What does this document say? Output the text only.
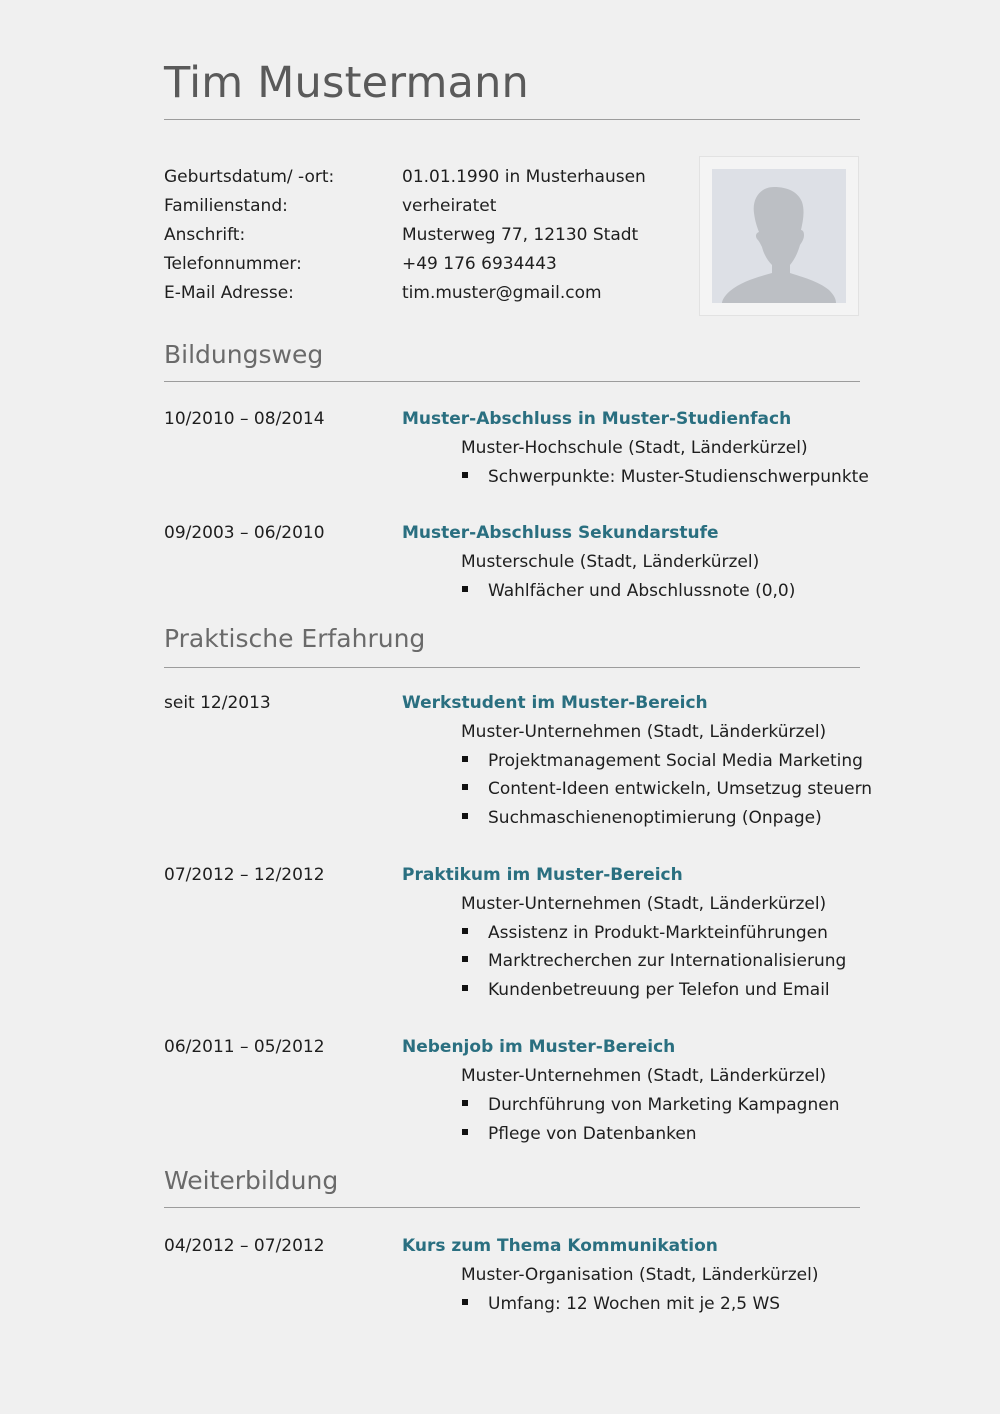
Tim Mustermann
Geburtsdatum/ -ort:	01.01.1990 in Musterhausen
Familienstand:	verheiratet
Anschrift:	Musterweg 77, 12130 Stadt
Telefonnummer:	+49 176 6934443
E-Mail Adresse:	tim.muster@gmail.com
Bildungsweg
10/2010 – 08/2014	Muster-Abschluss in Muster-Studienfach
Muster-Hochschule (Stadt, Länderkürzel)
Schwerpunkte: Muster-Studienschwerpunkte
09/2003 – 06/2010	Muster-Abschluss Sekundarstufe
Musterschule (Stadt, Länderkürzel)
Wahlfächer und Abschlussnote (0,0)
Praktische Erfahrung
seit 12/2013	Werkstudent im Muster-Bereich
Muster-Unternehmen (Stadt, Länderkürzel)
Projektmanagement Social Media Marketing
Content-Ideen entwickeln, Umsetzug steuern
Suchmaschienenoptimierung (Onpage)
07/2012 – 12/2012	Praktikum im Muster-Bereich
Muster-Unternehmen (Stadt, Länderkürzel)
Assistenz in Produkt-Markteinführungen
Marktrecherchen zur Internationalisierung
Kundenbetreuung per Telefon und Email
06/2011 – 05/2012	Nebenjob im Muster-Bereich
Muster-Unternehmen (Stadt, Länderkürzel)
Durchführung von Marketing Kampagnen
Pflege von Datenbanken
Weiterbildung
04/2012 – 07/2012	Kurs zum Thema Kommunikation
Muster-Organisation (Stadt, Länderkürzel)
Umfang: 12 Wochen mit je 2,5 WS
